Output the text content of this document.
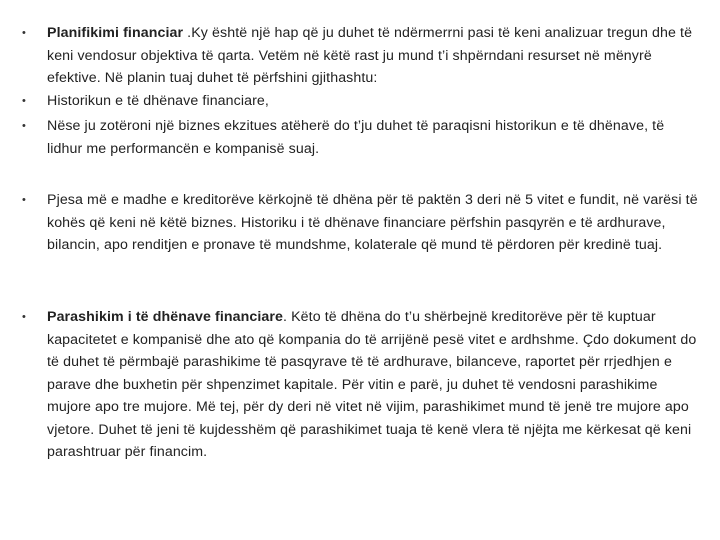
• Planifikimi financiar .Ky është një hap që ju duhet të ndërmerrni pasi të keni analizuar tregun dhe të keni vendosur objektiva të qarta. Vetëm në këtë rast ju mund t’i shpërndani resurset në mënyrë efektive. Në planin tuaj duhet të përfshini gjithashtu:
• Historikun e të dhënave financiare,
• Nëse ju zotëroni një biznes ekzitues atëherë do t’ju duhet të paraqisni historikun e të dhënave, të lidhur me performancën e kompanisë suaj.
• Pjesa më e madhe e kreditorëve kërkojnë të dhëna për të paktën 3 deri në 5 vitet e fundit, në varësi të kohës që keni në këtë biznes. Historiku i të dhënave financiare përfshin pasqyrën e të ardhurave, bilancin, apo renditjen e pronave të mundshme, kolaterale që mund të përdoren për kredinë tuaj.
• Parashikim i të dhënave financiare. Këto të dhëna do t’u shërbejnë kreditorëve për të kuptuar kapacitetet e kompanisë dhe ato që kompania do të arrijënë pesë vitet e ardhshme. Çdo dokument do të duhet të përmbajë parashikime të pasqyrave të të ardhurave, bilanceve, raportet për rrjedhjen e parave dhe buxhetin për shpenzimet kapitale. Për vitin e parë, ju duhet të vendosni parashikime mujore apo tre mujore. Më tej, për dy deri në vitet në vijim, parashikimet mund të jenë tre mujore apo vjetore. Duhet të jeni të kujdesshëm që parashikimet tuaja të kenë vlera të njëjta me kërkesat që keni parashtruar për financim.
